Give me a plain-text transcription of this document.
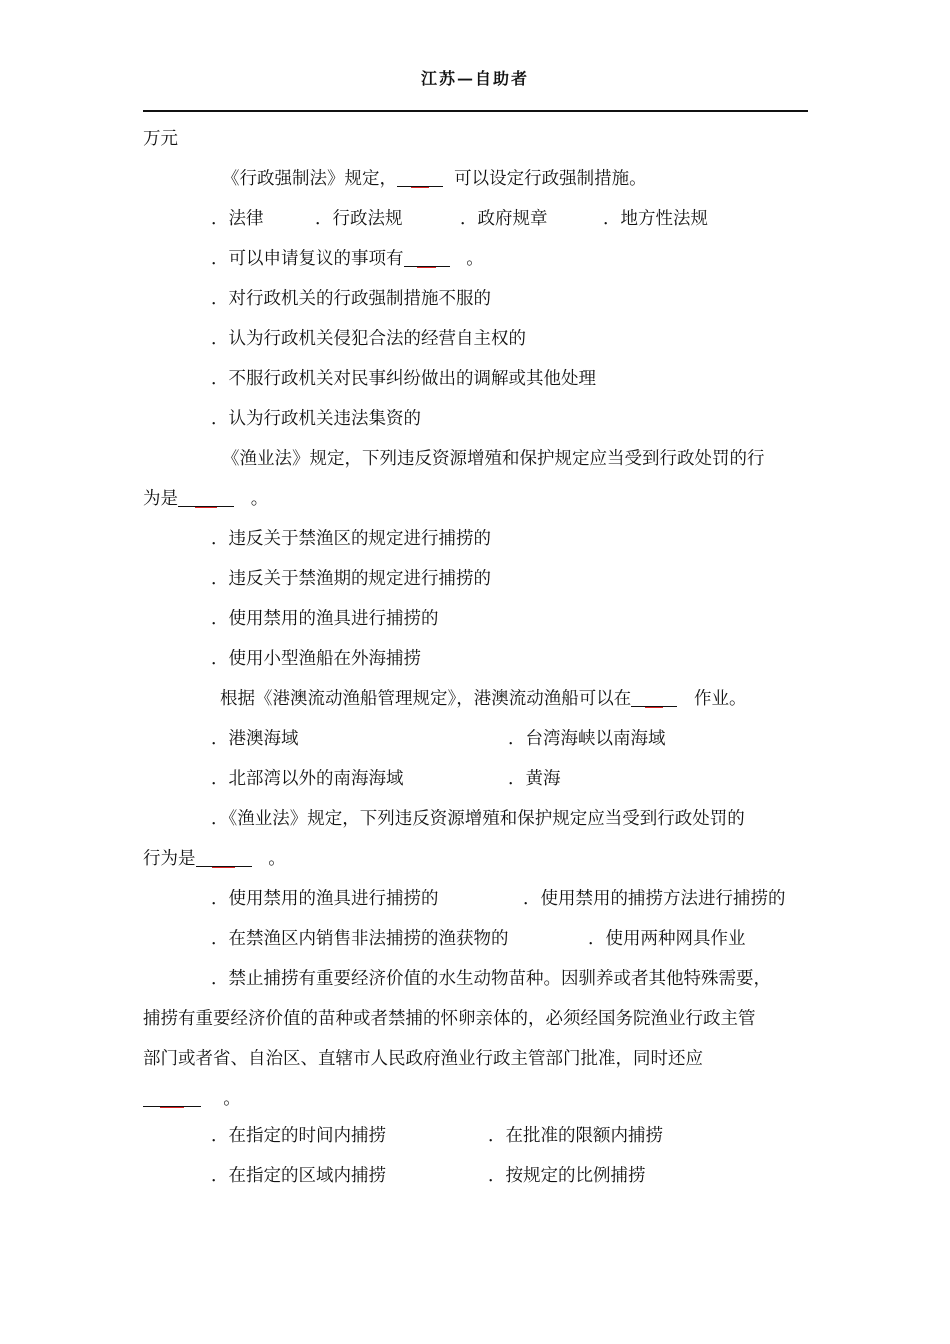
江苏—自助者
万元
《行政强制法》规定，	可以设定行政强制措施。
．法律	．行政法规	．政府规章	．地方性法规
．可以申请复议的事项有	。
．对行政机关的行政强制措施不服的
．认为行政机关侵犯合法的经营自主权的
．不服行政机关对民事纠纷做出的调解或其他处理
．认为行政机关违法集资的
《渔业法》规定，下列违反资源增殖和保护规定应当受到行政处罚的行
为是	。
．违反关于禁渔区的规定进行捕捞的
．违反关于禁渔期的规定进行捕捞的
．使用禁用的渔具进行捕捞的
．使用小型渔船在外海捕捞
根据《港澳流动渔船管理规定》，港澳流动渔船可以在	作业。
．港澳海域	．台湾海峡以南海域
．北部湾以外的南海海域	．黄海
．《渔业法》规定，下列违反资源增殖和保护规定应当受到行政处罚的
行为是	。
．使用禁用的渔具进行捕捞的	．使用禁用的捕捞方法进行捕捞的
．在禁渔区内销售非法捕捞的渔获物的	．使用两种网具作业
．禁止捕捞有重要经济价值的水生动物苗种。因驯养或者其他特殊需要，
捕捞有重要经济价值的苗种或者禁捕的怀卵亲体的，必须经国务院渔业行政主管
部门或者省、自治区、直辖市人民政府渔业行政主管部门批准，同时还应
。
．在指定的时间内捕捞	．在批准的限额内捕捞
．在指定的区域内捕捞	．按规定的比例捕捞
